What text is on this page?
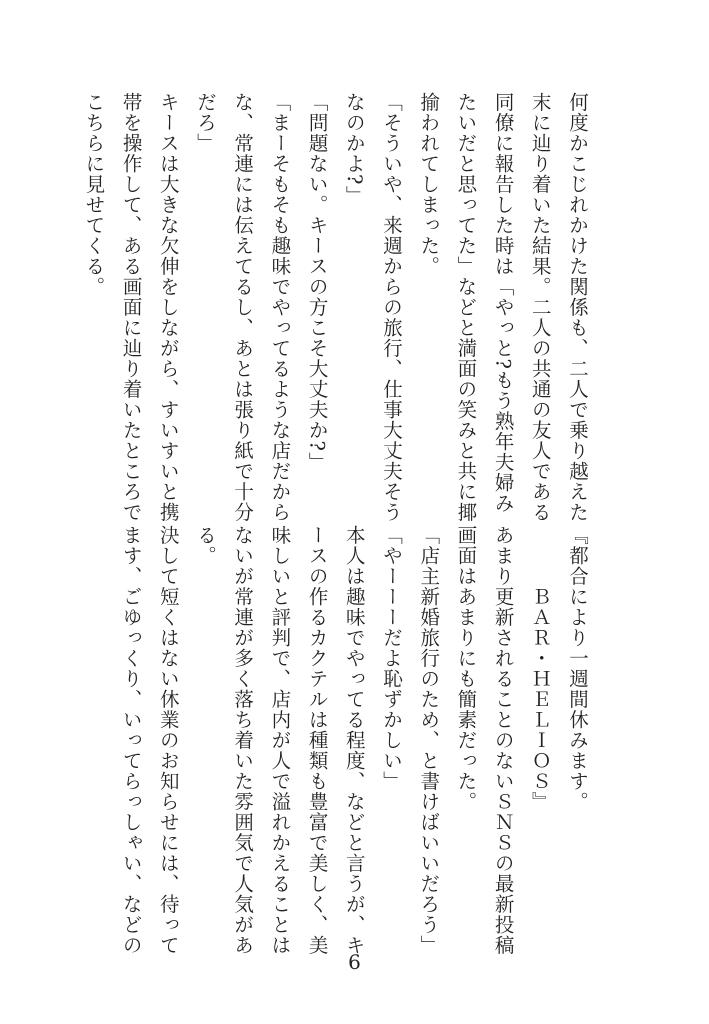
何度かこじれかけた関係も、二人で乗り越えた
末に辿り着いた結果。二人の共通の友人である
同僚に報告した時は「やっと?もう熟年夫婦み
たいだと思ってた」などと満面の笑みと共に揶
揄われてしまった。
「そういや、来週からの旅行、仕事大丈夫そう
なのかよ?」
「問題ない。キースの方こそ大丈夫か?」
「まーそもそも趣味でやってるような店だから
な、常連には伝えてるし、あとは張り紙で十分
だろ」
キースは大きな欠伸をしながら、すいすいと携
帯を操作して、ある画面に辿り着いたところで
こちらに見せてくる。
『都合により一週間休みます。
　　　ＢＡＲ・ＨＥＬＩＯＳ』
あまり更新されることのないＳＮＳの最新投稿
画面はあまりにも簡素だった。
「店主新婚旅行のため、と書けばいいだろう」
「やーーーだよ恥ずかしい」
本人は趣味でやってる程度、などと言うが、キ
ースの作るカクテルは種類も豊富で美しく、美
味しいと評判で、店内が人で溢れかえることは
ないが常連が多く落ち着いた雰囲気で人気があ
る。
決して短くはない休業のお知らせには、待って
ます、ごゆっくり、いってらっしゃい、などの
6
